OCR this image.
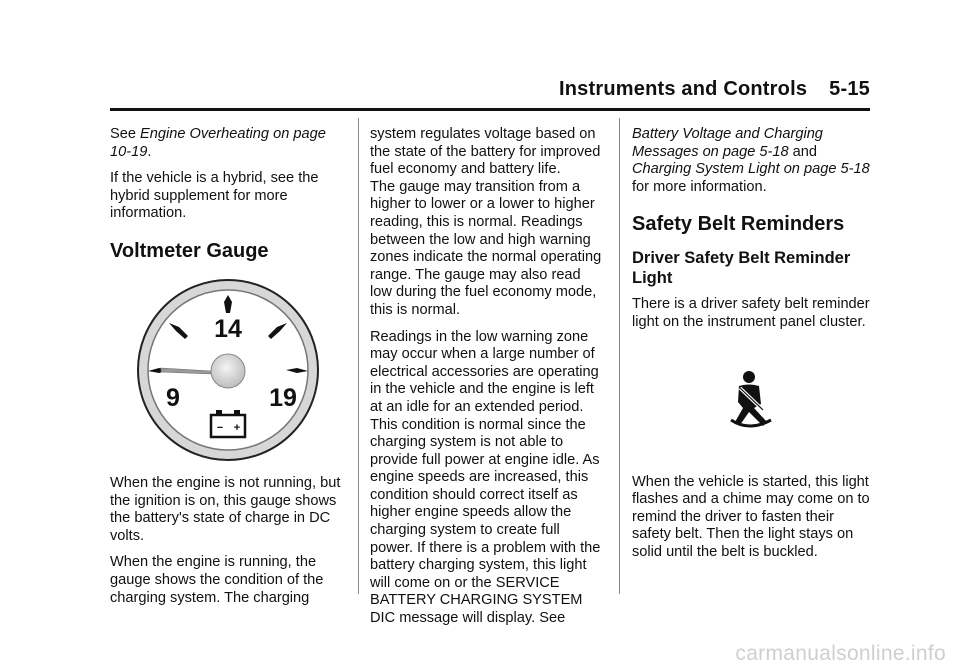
Instruments and Controls 5-15

See Engine Overheating on page 10-19.

If the vehicle is a hybrid, see the hybrid supplement for more information.

Voltmeter Gauge
14
9	19
− +

When the engine is not running, but the ignition is on, this gauge shows the battery's state of charge in DC volts.

When the engine is running, the gauge shows the condition of the charging system. The charging

system regulates voltage based on the state of the battery for improved fuel economy and battery life.

The gauge may transition from a higher to lower or a lower to higher reading, this is normal. Readings between the low and high warning zones indicate the normal operating range. The gauge may also read low during the fuel economy mode, this is normal.

Readings in the low warning zone may occur when a large number of electrical accessories are operating in the vehicle and the engine is left at an idle for an extended period. This condition is normal since the charging system is not able to provide full power at engine idle. As engine speeds are increased, this condition should correct itself as higher engine speeds allow the charging system to create full power. If there is a problem with the battery charging system, this light will come on or the SERVICE BATTERY CHARGING SYSTEM DIC message will display. See

Battery Voltage and Charging Messages on page 5-18 and Charging System Light on page 5-18 for more information.

Safety Belt Reminders
Driver Safety Belt Reminder Light

There is a driver safety belt reminder light on the instrument panel cluster.

When the vehicle is started, this light flashes and a chime may come on to remind the driver to fasten their safety belt. Then the light stays on solid until the belt is buckled.

carmanualsonline.info
